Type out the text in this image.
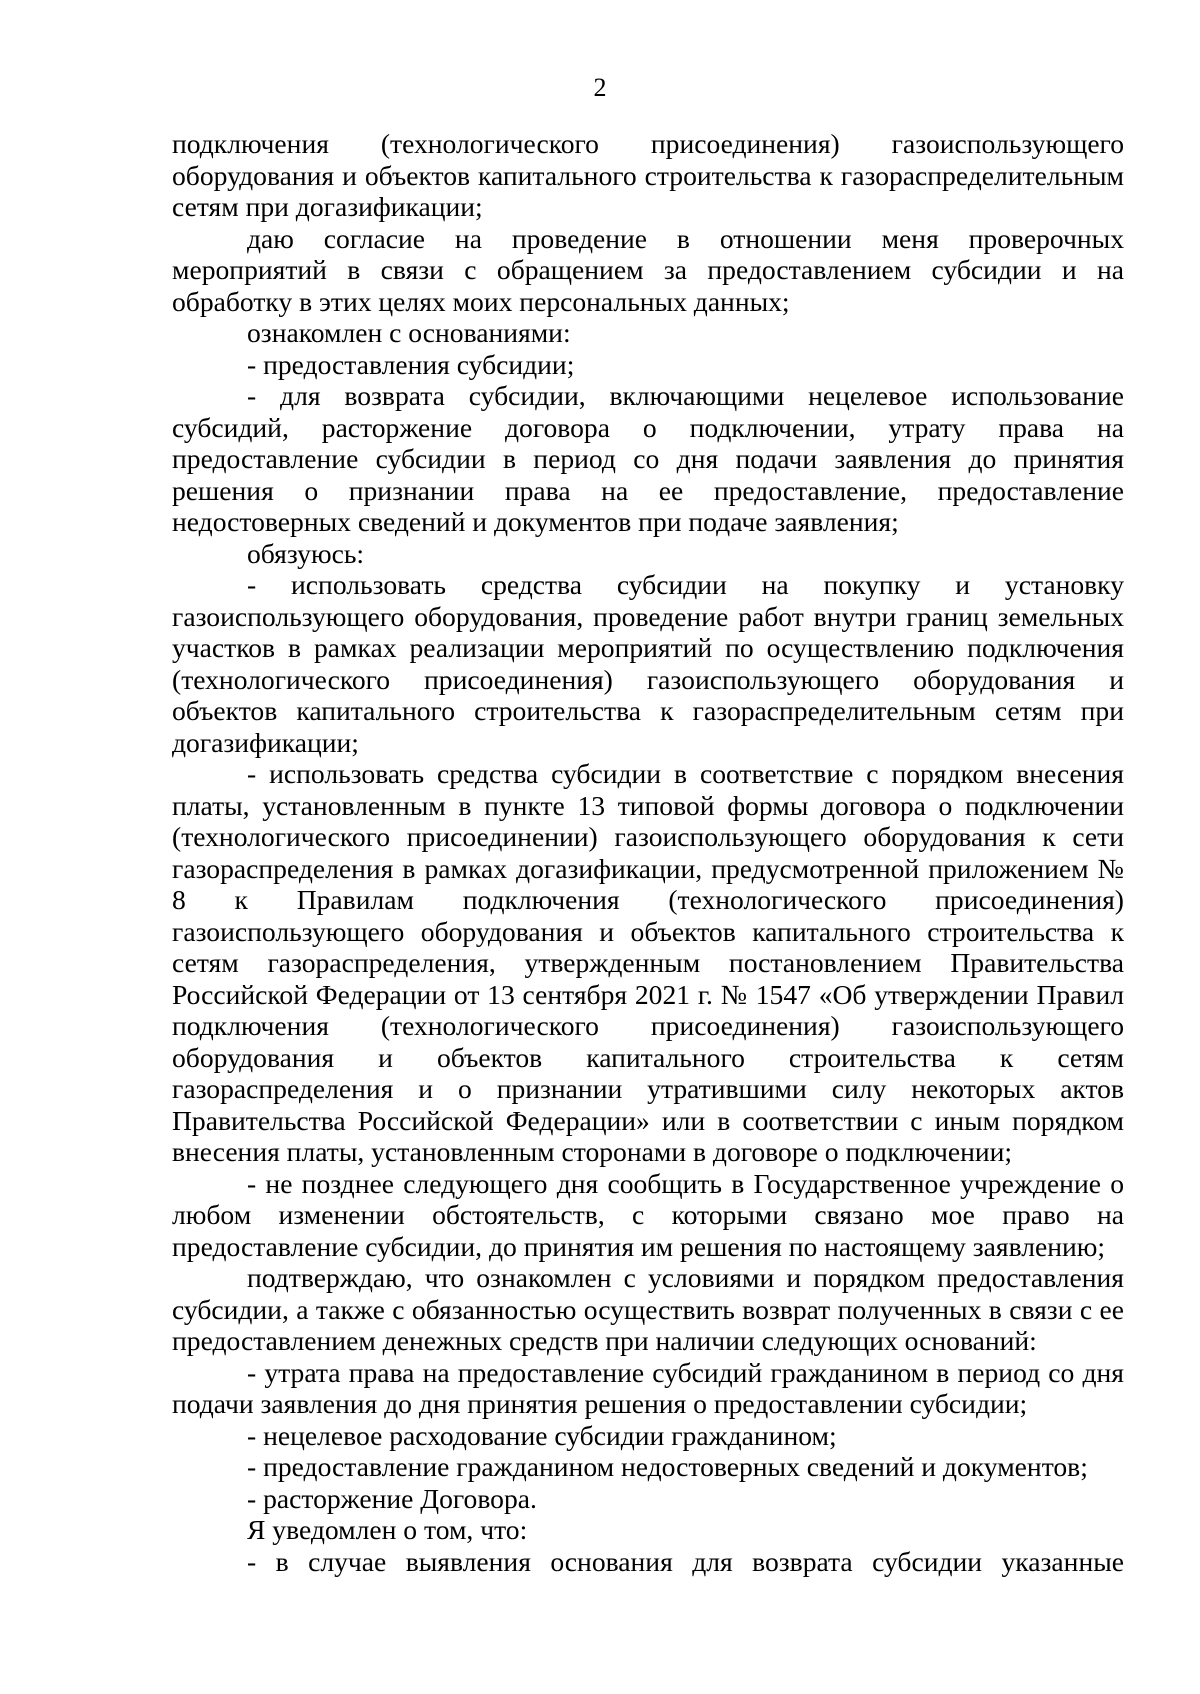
2

подключения (технологического присоединения) газоиспользующего оборудования и объектов капитального строительства к газораспределительным сетям при догазификации;

даю согласие на проведение в отношении меня проверочных мероприятий в связи с обращением за предоставлением субсидии и на обработку в этих целях моих персональных данных;

ознакомлен с основаниями:

- предоставления субсидии;

- для возврата субсидии, включающими нецелевое использование субсидий, расторжение договора о подключении, утрату права на предоставление субсидии в период со дня подачи заявления до принятия решения о признании права на ее предоставление, предоставление недостоверных сведений и документов при подаче заявления;

обязуюсь:

- использовать средства субсидии на покупку и установку газоиспользующего оборудования, проведение работ внутри границ земельных участков в рамках реализации мероприятий по осуществлению подключения (технологического присоединения) газоиспользующего оборудования и объектов капитального строительства к газораспределительным сетям при догазификации;

- использовать средства субсидии в соответствие с порядком внесения платы, установленным в пункте 13 типовой формы договора о подключении (технологического присоединении) газоиспользующего оборудования к сети газораспределения в рамках догазификации, предусмотренной приложением № 8 к Правилам подключения (технологического присоединения) газоиспользующего оборудования и объектов капитального строительства к сетям газораспределения, утвержденным постановлением Правительства Российской Федерации от 13 сентября 2021 г. № 1547 «Об утверждении Правил подключения (технологического присоединения) газоиспользующего оборудования и объектов капитального строительства к сетям газораспределения и о признании утратившими силу некоторых актов Правительства Российской Федерации» или в соответствии с иным порядком внесения платы, установленным сторонами в договоре о подключении;

- не позднее следующего дня сообщить в Государственное учреждение о любом изменении обстоятельств, с которыми связано мое право на предоставление субсидии, до принятия им решения по настоящему заявлению;

подтверждаю, что ознакомлен с условиями и порядком предоставления субсидии, а также с обязанностью осуществить возврат полученных в связи с ее предоставлением денежных средств при наличии следующих оснований:

- утрата права на предоставление субсидий гражданином в период со дня подачи заявления до дня принятия решения о предоставлении субсидии;

- нецелевое расходование субсидии гражданином;

- предоставление гражданином недостоверных сведений и документов;

- расторжение Договора.

Я уведомлен о том, что:

- в случае выявления основания для возврата субсидии указанные
